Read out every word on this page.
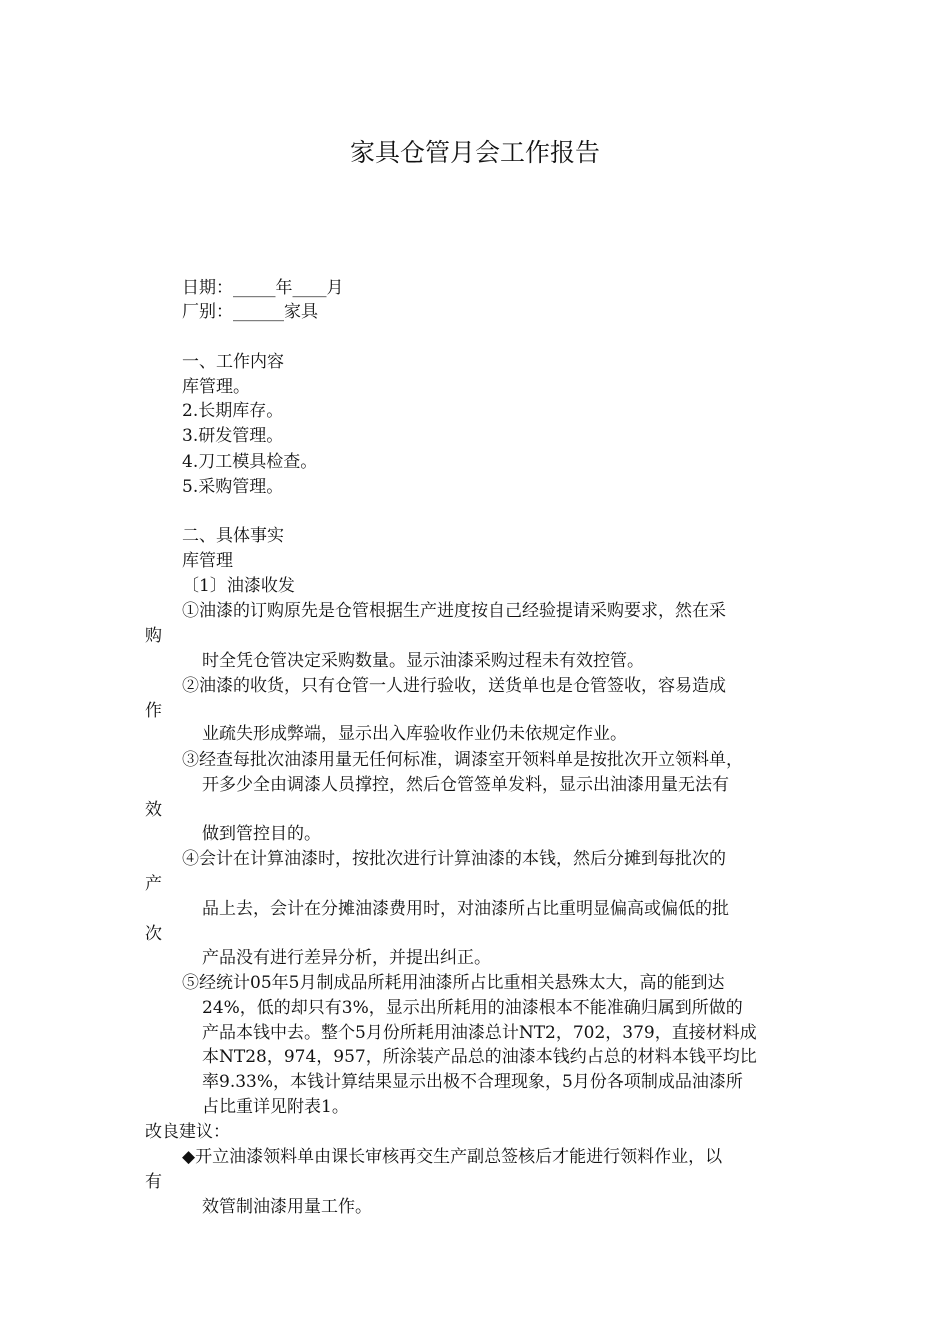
家具仓管月会工作报告
日期：_____年____月
厂别：______家具
一、工作内容
库管理。
2.长期库存。
3.研发管理。
4.刀工模具检查。
5.采购管理。
二、具体事实
库管理
〔1〕油漆收发
①油漆的订购原先是仓管根据生产进度按自己经验提请采购要求，然在采
购
时全凭仓管决定采购数量。显示油漆采购过程未有效控管。
②油漆的收货，只有仓管一人进行验收，送货单也是仓管签收，容易造成
作
业疏失形成弊端，显示出入库验收作业仍未依规定作业。
③经查每批次油漆用量无任何标准，调漆室开领料单是按批次开立领料单，
开多少全由调漆人员撑控，然后仓管签单发料，显示出油漆用量无法有
效
做到管控目的。
④会计在计算油漆时，按批次进行计算油漆的本钱，然后分摊到每批次的
产
品上去，会计在分摊油漆费用时，对油漆所占比重明显偏高或偏低的批
次
产品没有进行差异分析，并提出纠正。
⑤经统计05年5月制成品所耗用油漆所占比重相关悬殊太大，高的能到达
24%，低的却只有3%，显示出所耗用的油漆根本不能准确归属到所做的
产品本钱中去。整个5月份所耗用油漆总计NT2，702，379，直接材料成
本NT28，974，957，所涂装产品总的油漆本钱约占总的材料本钱平均比
率9.33%，本钱计算结果显示出极不合理现象，5月份各项制成品油漆所
占比重详见附表1。
改良建议：
◆开立油漆领料单由课长审核再交生产副总签核后才能进行领料作业，以
有
效管制油漆用量工作。
